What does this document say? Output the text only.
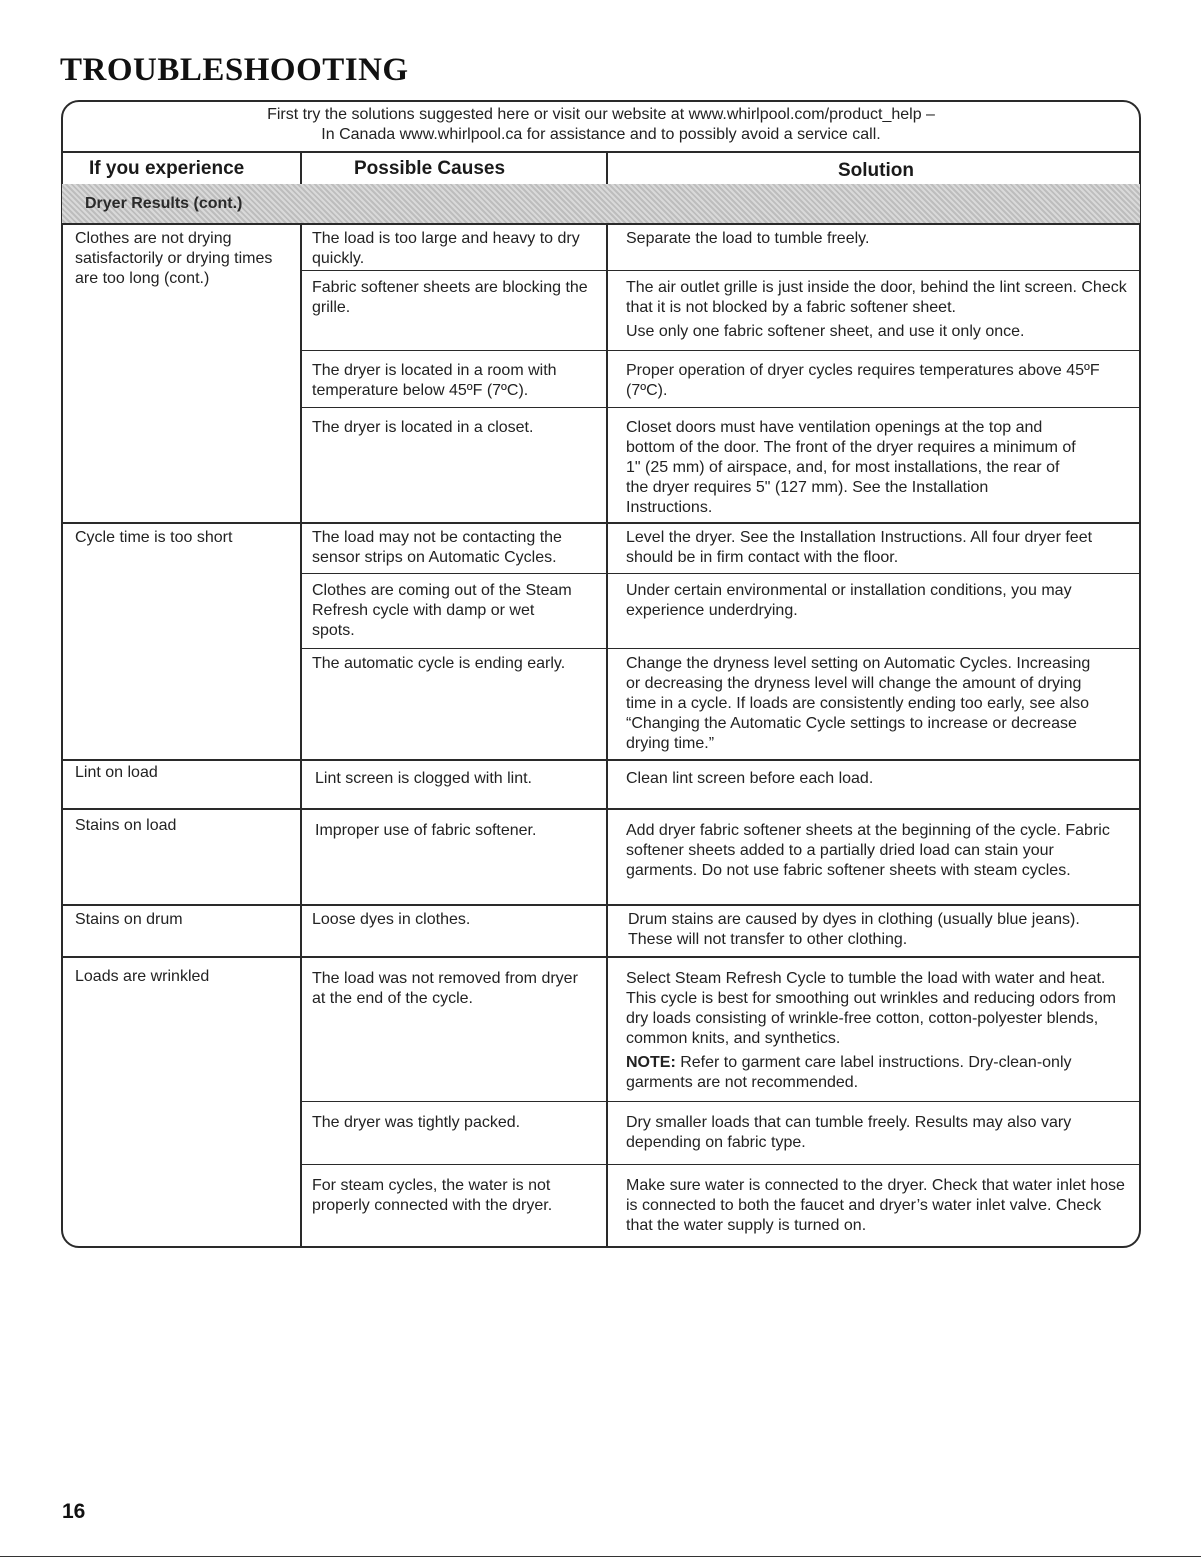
TROUBLESHOOTING
First try the solutions suggested here or visit our website at www.whirlpool.com/product_help –
In Canada www.whirlpool.ca for assistance and to possibly avoid a service call.
If you experience	Possible Causes	Solution
Dryer Results (cont.)
Clothes are not drying satisfactorily or drying times are too long (cont.)
Cycle time is too short
Lint on load
Stains on load
Stains on drum
Loads are wrinkled
The load is too large and heavy to dry quickly.
Fabric softener sheets are blocking the grille.
The dryer is located in a room with temperature below 45ºF (7ºC).
The dryer is located in a closet.
The load may not be contacting the sensor strips on Automatic Cycles.
Clothes are coming out of the Steam Refresh cycle with damp or wet spots.
The automatic cycle is ending early.
Lint screen is clogged with lint.
Improper use of fabric softener.
Loose dyes in clothes.
The load was not removed from dryer at the end of the cycle.
The dryer was tightly packed.
For steam cycles, the water is not properly connected with the dryer.

Separate the load to tumble freely.

The air outlet grille is just inside the door, behind the lint screen. Check that it is not blocked by a fabric softener sheet.

Use only one fabric softener sheet, and use it only once.

Proper operation of dryer cycles requires temperatures above 45ºF (7ºC).

Closet doors must have ventilation openings at the top and bottom of the door. The front of the dryer requires a minimum of 1" (25 mm) of airspace, and, for most installations, the rear of the dryer requires 5" (127 mm). See the Installation Instructions.

Level the dryer. See the Installation Instructions. All four dryer feet should be in firm contact with the floor.

Under certain environmental or installation conditions, you may experience underdrying.

Change the dryness level setting on Automatic Cycles. Increasing or decreasing the dryness level will change the amount of drying time in a cycle. If loads are consistently ending too early, see also “Changing the Automatic Cycle settings to increase or decrease drying time.”

Clean lint screen before each load.

Add dryer fabric softener sheets at the beginning of the cycle. Fabric softener sheets added to a partially dried load can stain your garments. Do not use fabric softener sheets with steam cycles.

Drum stains are caused by dyes in clothing (usually blue jeans). These will not transfer to other clothing.

Select Steam Refresh Cycle to tumble the load with water and heat. This cycle is best for smoothing out wrinkles and reducing odors from dry loads consisting of wrinkle-free cotton, cotton-polyester blends, common knits, and synthetics.

NOTE: Refer to garment care label instructions. Dry-clean-only garments are not recommended.

Dry smaller loads that can tumble freely. Results may also vary depending on fabric type.

Make sure water is connected to the dryer. Check that water inlet hose is connected to both the faucet and dryer’s water inlet valve. Check that the water supply is turned on.

16
